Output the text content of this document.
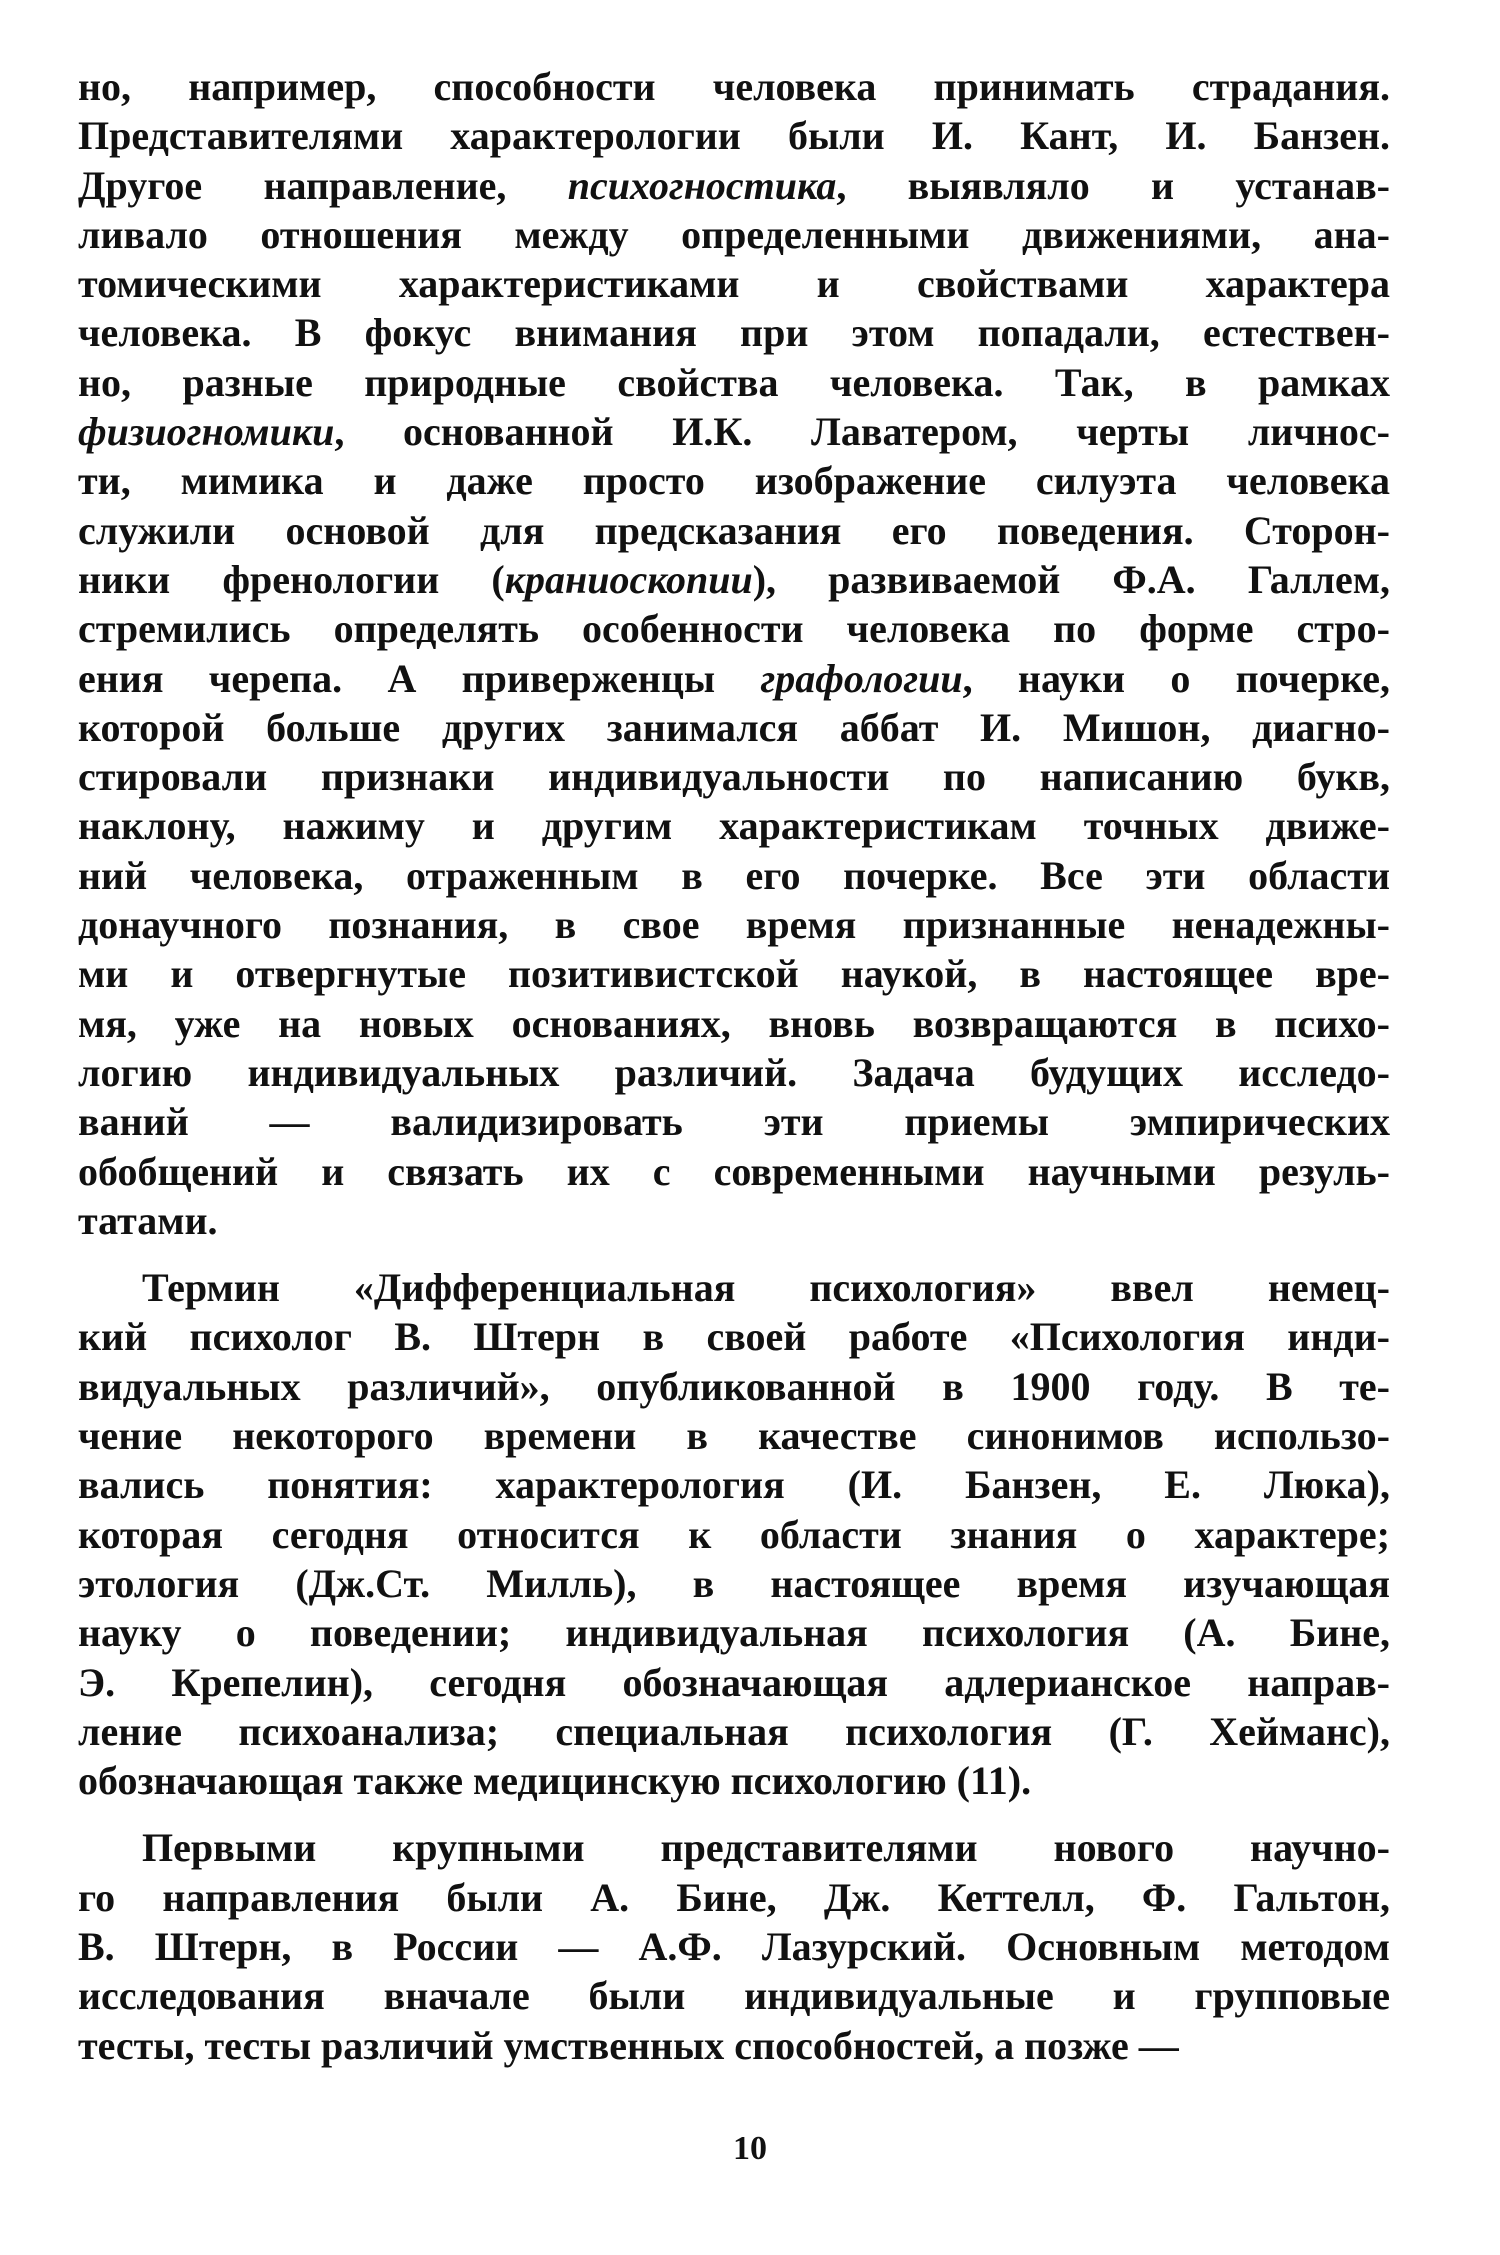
но, например, способности человека принимать страдания.
Представителями характерологии были И. Кант, И. Банзен.
Другое направление, психогностика, выявляло и устанав-
ливало отношения между определенными движениями, ана-
томическими характеристиками и свойствами характера
человека. В фокус внимания при этом попадали, естествен-
но, разные природные свойства человека. Так, в рамках
физиогномики, основанной И.К. Лаватером, черты личнос-
ти, мимика и даже просто изображение силуэта человека
служили основой для предсказания его поведения. Сторон-
ники френологии (краниоскопии), развиваемой Ф.А. Галлем,
стремились определять особенности человека по форме стро-
ения черепа. А приверженцы графологии, науки о почерке,
которой больше других занимался аббат И. Мишон, диагно-
стировали признаки индивидуальности по написанию букв,
наклону, нажиму и другим характеристикам точных движе-
ний человека, отраженным в его почерке. Все эти области
донаучного познания, в свое время признанные ненадежны-
ми и отвергнутые позитивистской наукой, в настоящее вре-
мя, уже на новых основаниях, вновь возвращаются в психо-
логию индивидуальных различий. Задача будущих исследо-
ваний — валидизировать эти приемы эмпирических
обобщений и связать их с современными научными резуль-
татами.
Термин «Дифференциальная психология» ввел немец-
кий психолог В. Штерн в своей работе «Психология инди-
видуальных различий», опубликованной в 1900 году. В те-
чение некоторого времени в качестве синонимов использо-
вались понятия: характерология (И. Банзен, Е. Люка),
которая сегодня относится к области знания о характере;
этология (Дж.Ст. Милль), в настоящее время изучающая
науку о поведении; индивидуальная психология (А. Бине,
Э. Крепелин), сегодня обозначающая адлерианское направ-
ление психоанализа; специальная психология (Г. Хейманс),
обозначающая также медицинскую психологию (11).
Первыми крупными представителями нового научно-
го направления были А. Бине, Дж. Кеттелл, Ф. Гальтон,
В. Штерн, в России — А.Ф. Лазурский. Основным методом
исследования вначале были индивидуальные и групповые
тесты, тесты различий умственных способностей, а позже —
10
